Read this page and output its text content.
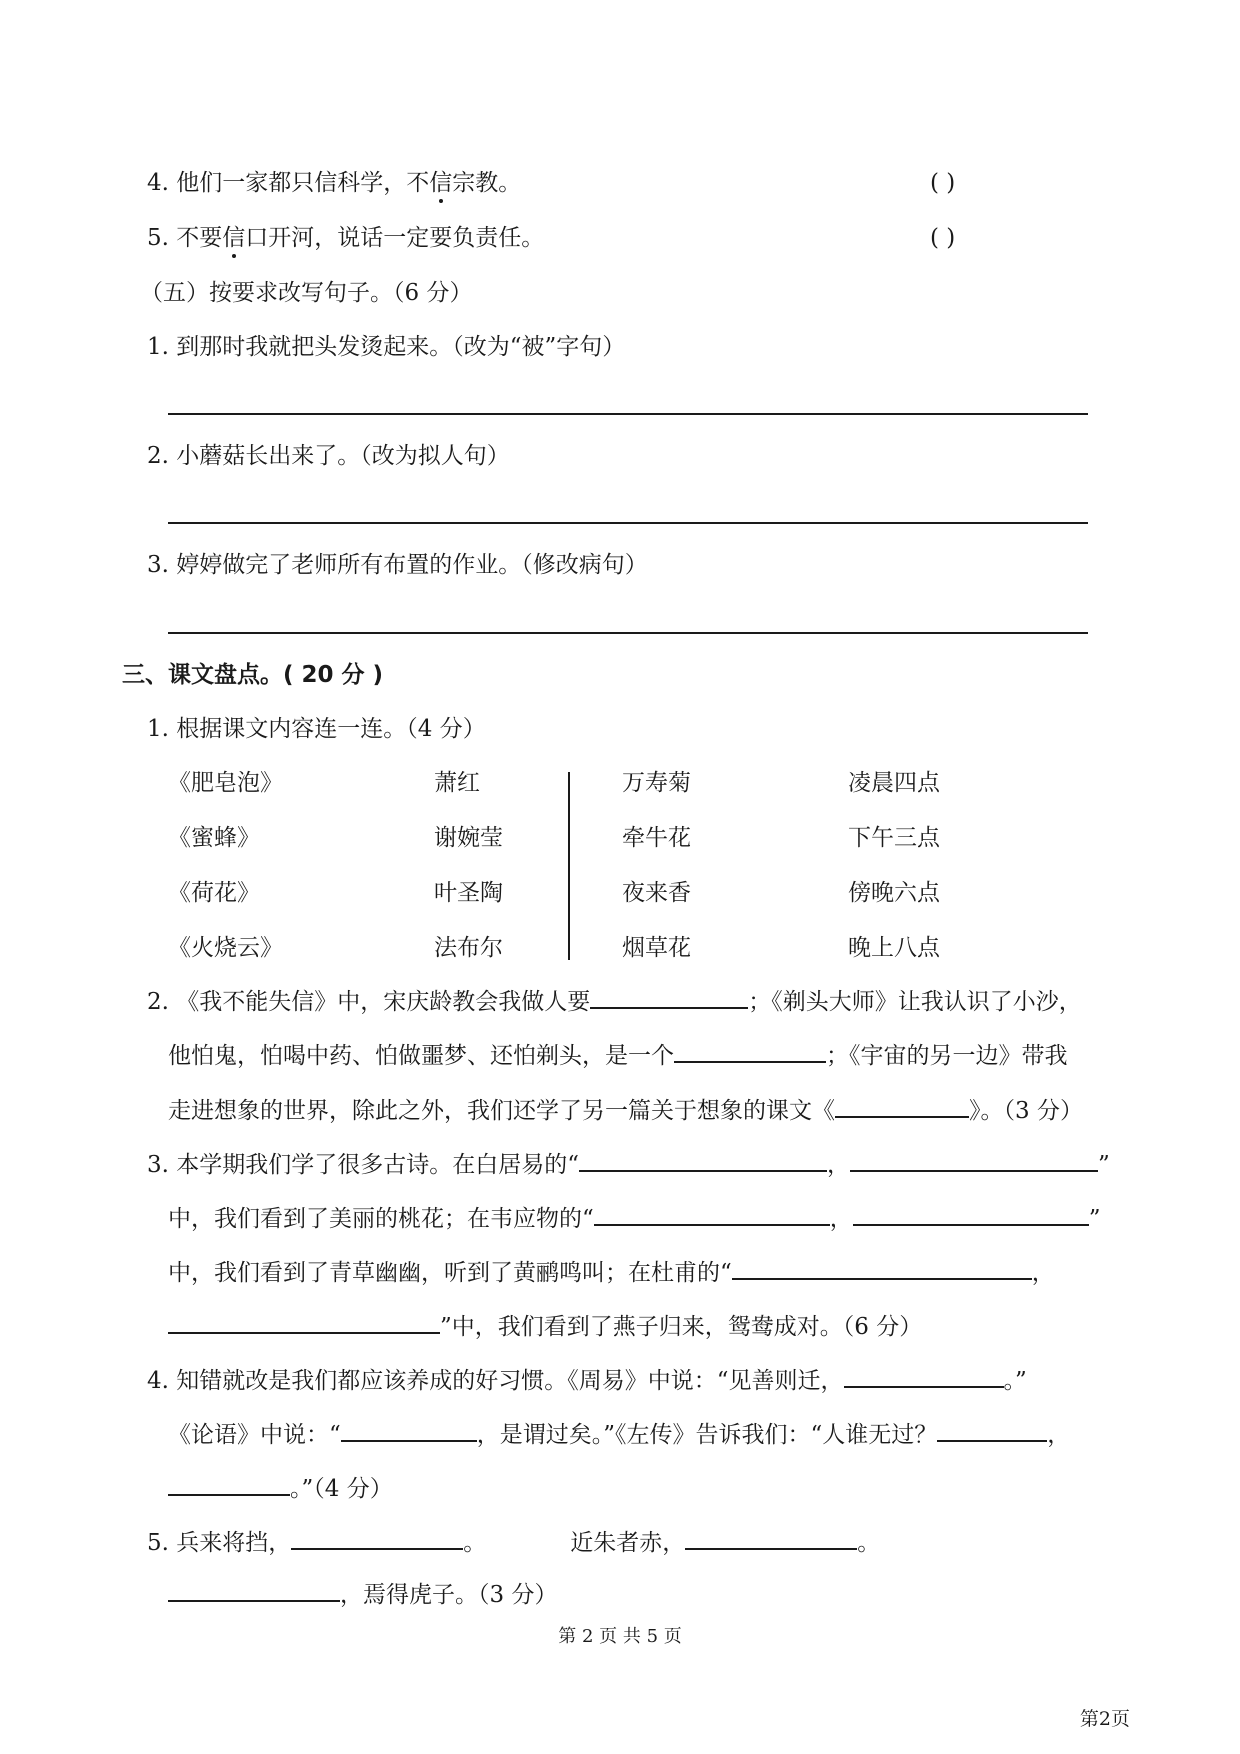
4. 他们一家都只信科学，不信宗教。	( )
5. 不要信口开河，说话一定要负责任。	( )
（五）按要求改写句子。（6 分）
1. 到那时我就把头发烫起来。（改为“被”字句）
2. 小蘑菇长出来了。（改为拟人句）
3. 婷婷做完了老师所有布置的作业。（修改病句）
三、课文盘点。( 20 分 )
1. 根据课文内容连一连。（4 分）
《肥皂泡》	萧红	万寿菊	凌晨四点
《蜜蜂》	谢婉莹	牵牛花	下午三点
《荷花》	叶圣陶	夜来香	傍晚六点
《火烧云》	法布尔	烟草花	晚上八点
2. 《我不能失信》中，宋庆龄教会我做人要	；《剃头大师》让我认识了小沙，
他怕鬼，怕喝中药、怕做噩梦、还怕剃头，是一个	；《宇宙的另一边》带我
走进想象的世界，除此之外，我们还学了另一篇关于想象的课文《	》。（3 分）
3. 本学期我们学了很多古诗。在白居易的“	，	”
中，我们看到了美丽的桃花；在韦应物的“	，	”
中，我们看到了青草幽幽，听到了黄鹂鸣叫；在杜甫的“	，
”中，我们看到了燕子归来，鸳鸯成对。（6 分）
4. 知错就改是我们都应该养成的好习惯。《周易》中说：“见善则迁，	。”
《论语》中说：“	，是谓过矣。”《左传》告诉我们：“人谁无过？	，
。”（4 分）
5. 兵来将挡，	。	近朱者赤，	。
，焉得虎子。（3 分）
第 2 页 共 5 页
第2页
